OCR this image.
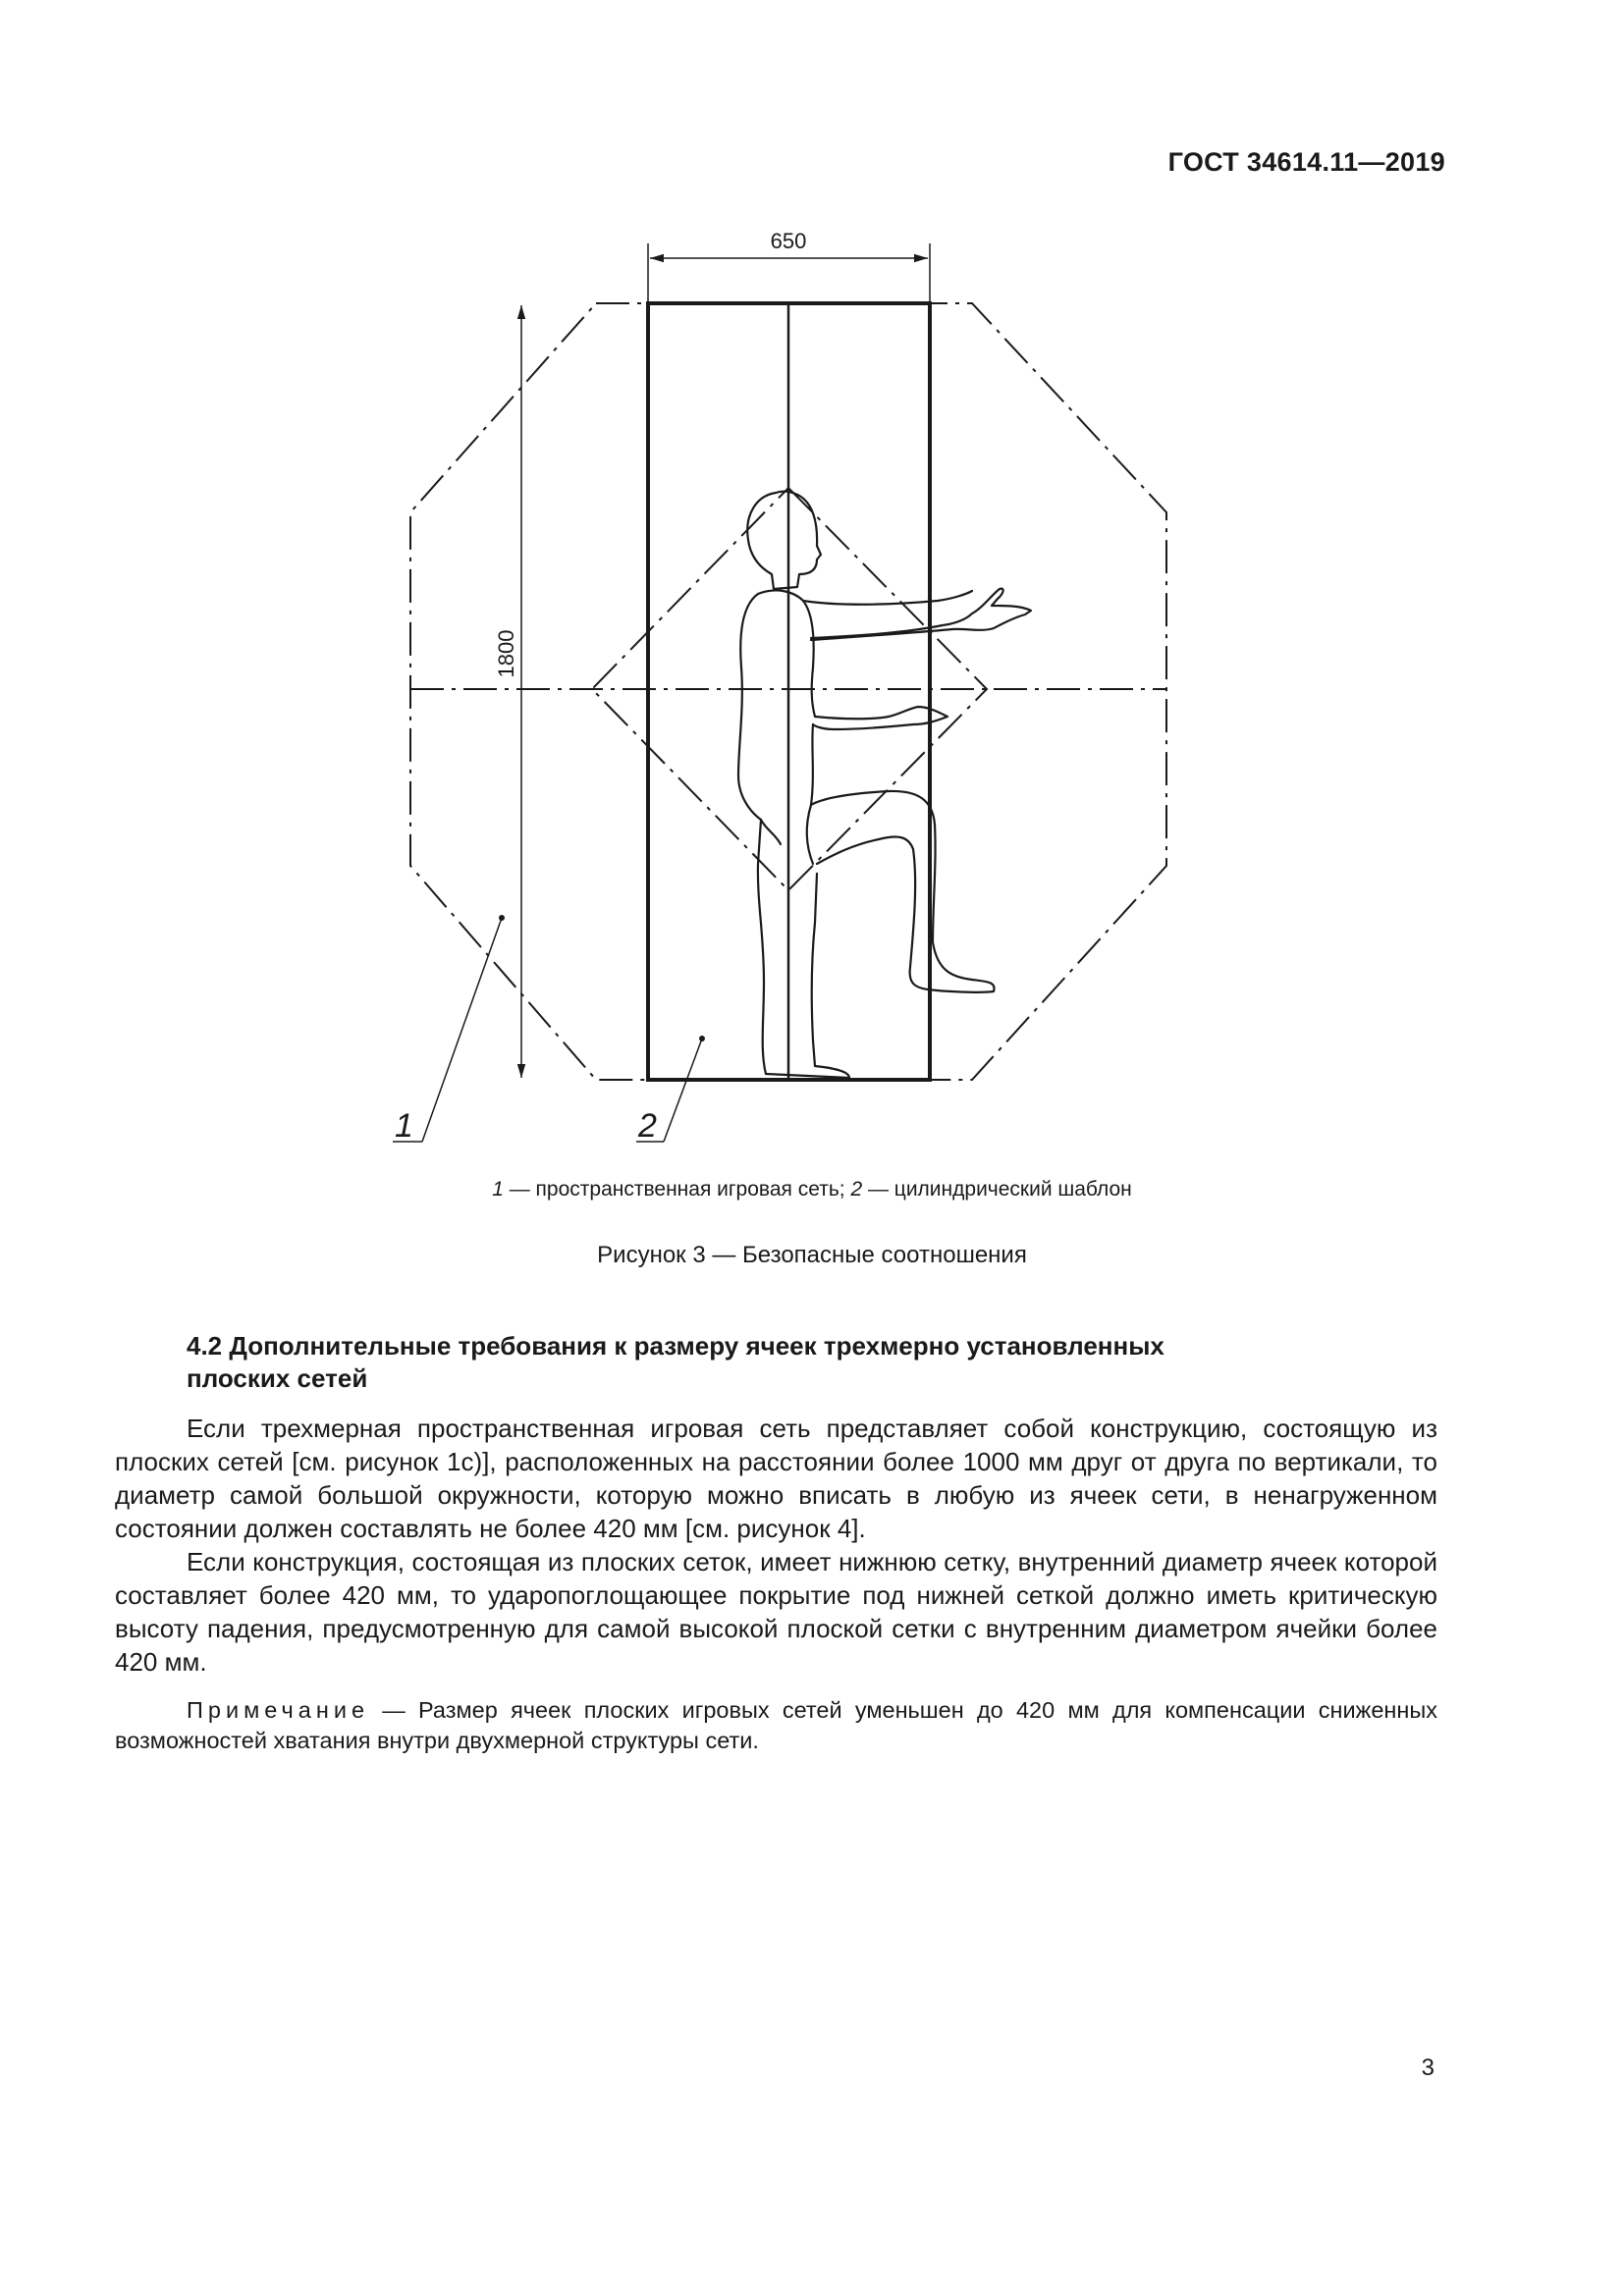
ГОСТ 34614.11—2019
650
1800
1	2
1 — пространственная игровая сеть; 2 — цилиндрический шаблон
Рисунок 3 — Безопасные соотношения
4.2 Дополнительные требования к размеру ячеек трехмерно установленных
плоских сетей

Если трехмерная пространственная игровая сеть представляет собой конструкцию, состоящую из плоских сетей [см. рисунок 1с)], расположенных на расстоянии более 1000 мм друг от друга по вертикали, то диаметр самой большой окружности, которую можно вписать в любую из ячеек сети, в ненагруженном состоянии должен составлять не более 420 мм [см. рисунок 4].

Если конструкция, состоящая из плоских сеток, имеет нижнюю сетку, внутренний диаметр ячеек которой составляет более 420 мм, то ударопоглощающее покрытие под нижней сеткой должно иметь критическую высоту падения, предусмотренную для самой высокой плоской сетки с внутренним диаметром ячейки более 420 мм.

Примечание — Размер ячеек плоских игровых сетей уменьшен до 420 мм для компенсации сниженных возможностей хватания внутри двухмерной структуры сети.
3
